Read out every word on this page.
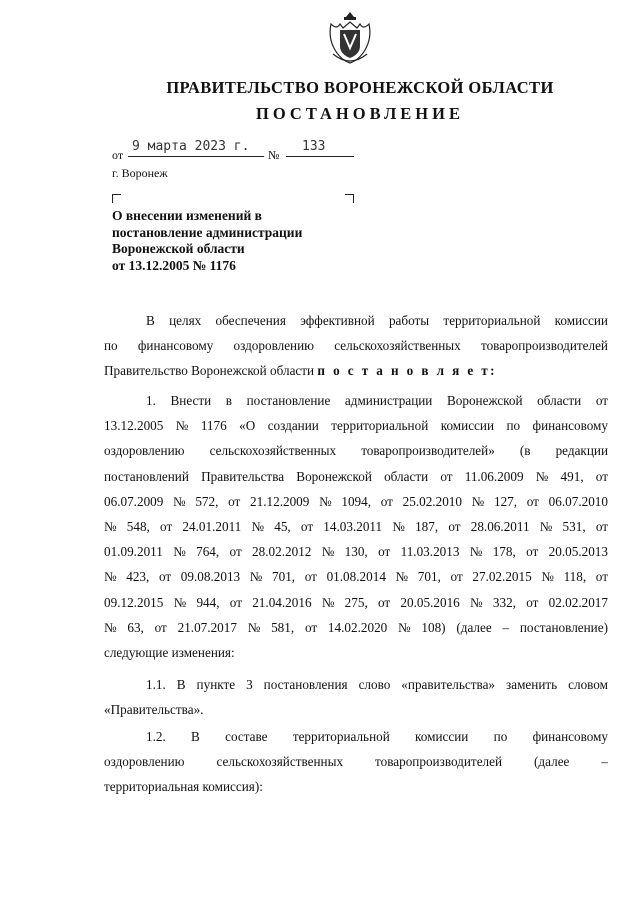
ПРАВИТЕЛЬСТВО ВОРОНЕЖСКОЙ ОБЛАСТИ
ПОСТАНОВЛЕНИЕ
от
9 марта 2023 г.
№
133
г. Воронеж
О внесении изменений в
постановление администрации
Воронежской области
от 13.12.2005 № 1176
В целях обеспечения эффективной работы территориальной комиссии
по финансовому оздоровлению сельскохозяйственных товаропроизводителей
Правительство Воронежской области п о с т а н о в л я е т:
1. Внести в постановление администрации Воронежской области от
13.12.2005 № 1176 «О создании территориальной комиссии по финансовому
оздоровлению сельскохозяйственных товаропроизводителей» (в редакции
постановлений Правительства Воронежской области от 11.06.2009 № 491, от
06.07.2009 № 572, от 21.12.2009 № 1094, от 25.02.2010 № 127, от 06.07.2010
№ 548, от 24.01.2011 № 45, от 14.03.2011 № 187, от 28.06.2011 № 531, от
01.09.2011 № 764, от 28.02.2012 № 130, от 11.03.2013 № 178, от 20.05.2013
№ 423, от 09.08.2013 № 701, от 01.08.2014 № 701, от 27.02.2015 № 118, от
09.12.2015 № 944, от 21.04.2016 № 275, от 20.05.2016 № 332, от 02.02.2017
№ 63, от 21.07.2017 № 581, от 14.02.2020 № 108) (далее – постановление)
следующие изменения:
1.1. В пункте 3 постановления слово «правительства» заменить словом
«Правительства».
1.2. В составе территориальной комиссии по финансовому
оздоровлению сельскохозяйственных товаропроизводителей (далее –
территориальная комиссия):
